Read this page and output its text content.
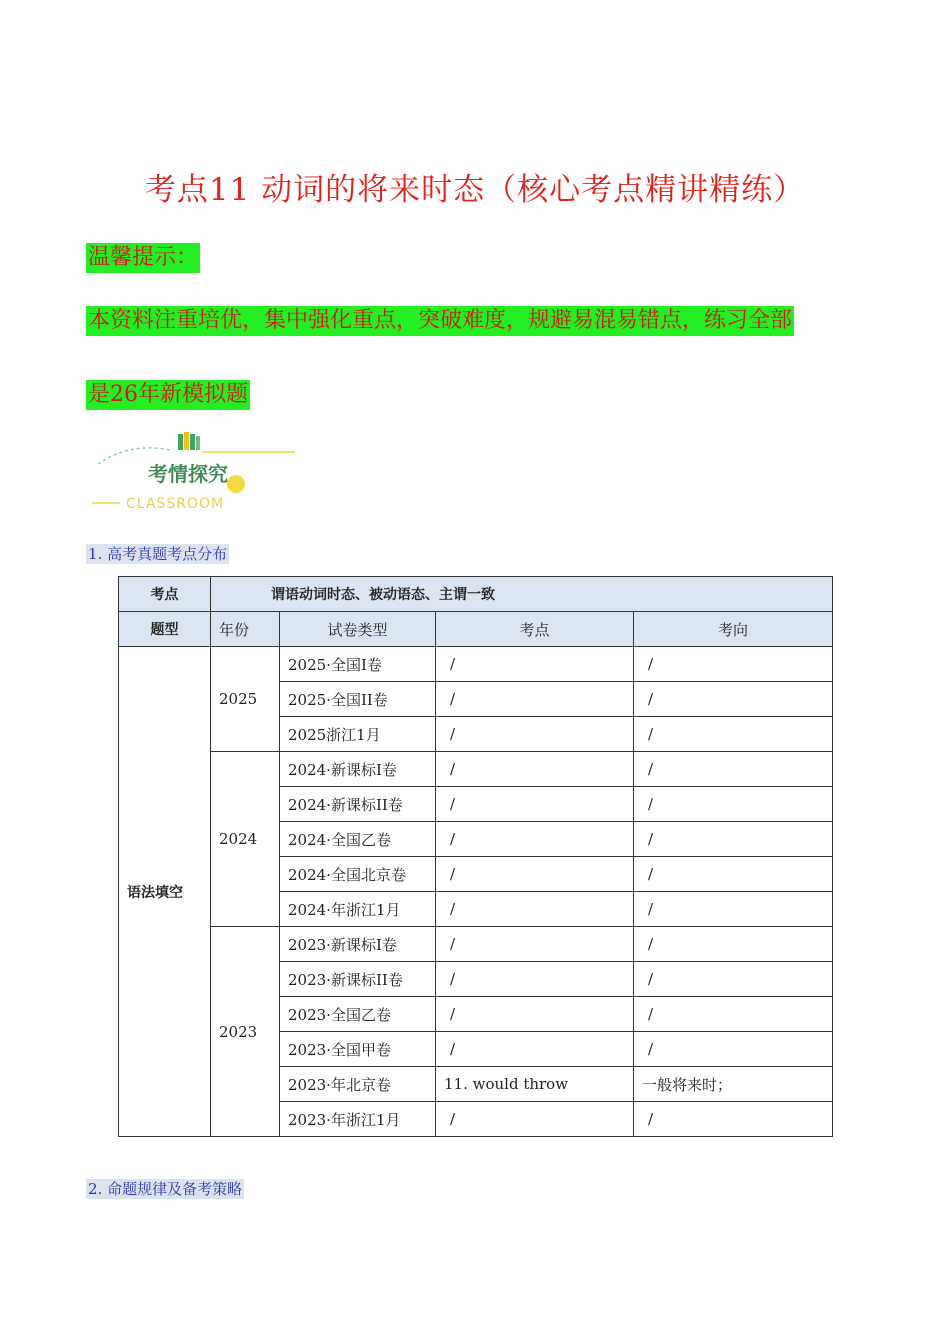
考点11 动词的将来时态（核心考点精讲精练）
温馨提示：
本资料注重培优，集中强化重点，突破难度，规避易混易错点，练习全部
是26年新模拟题
考情探究
CLASSROOM
1. 高考真题考点分布
考点	谓语动词时态、被动语态、主谓一致			
题型	年份	试卷类型	考点	考向
语法填空	2025	2025·全国I卷	/	/
		2025·全国II卷	/	/
		2025浙江1月	/	/
	2024	2024·新课标I卷	/	/
		2024·新课标II卷	/	/
		2024·全国乙卷	/	/
		2024·全国北京卷	/	/
		2024·年浙江1月	/	/
	2023	2023·新课标I卷	/	/
		2023·新课标II卷	/	/
		2023·全国乙卷	/	/
		2023·全国甲卷	/	/
		2023·年北京卷	11. would throw	一般将来时；
		2023·年浙江1月	/	/
2. 命题规律及备考策略
